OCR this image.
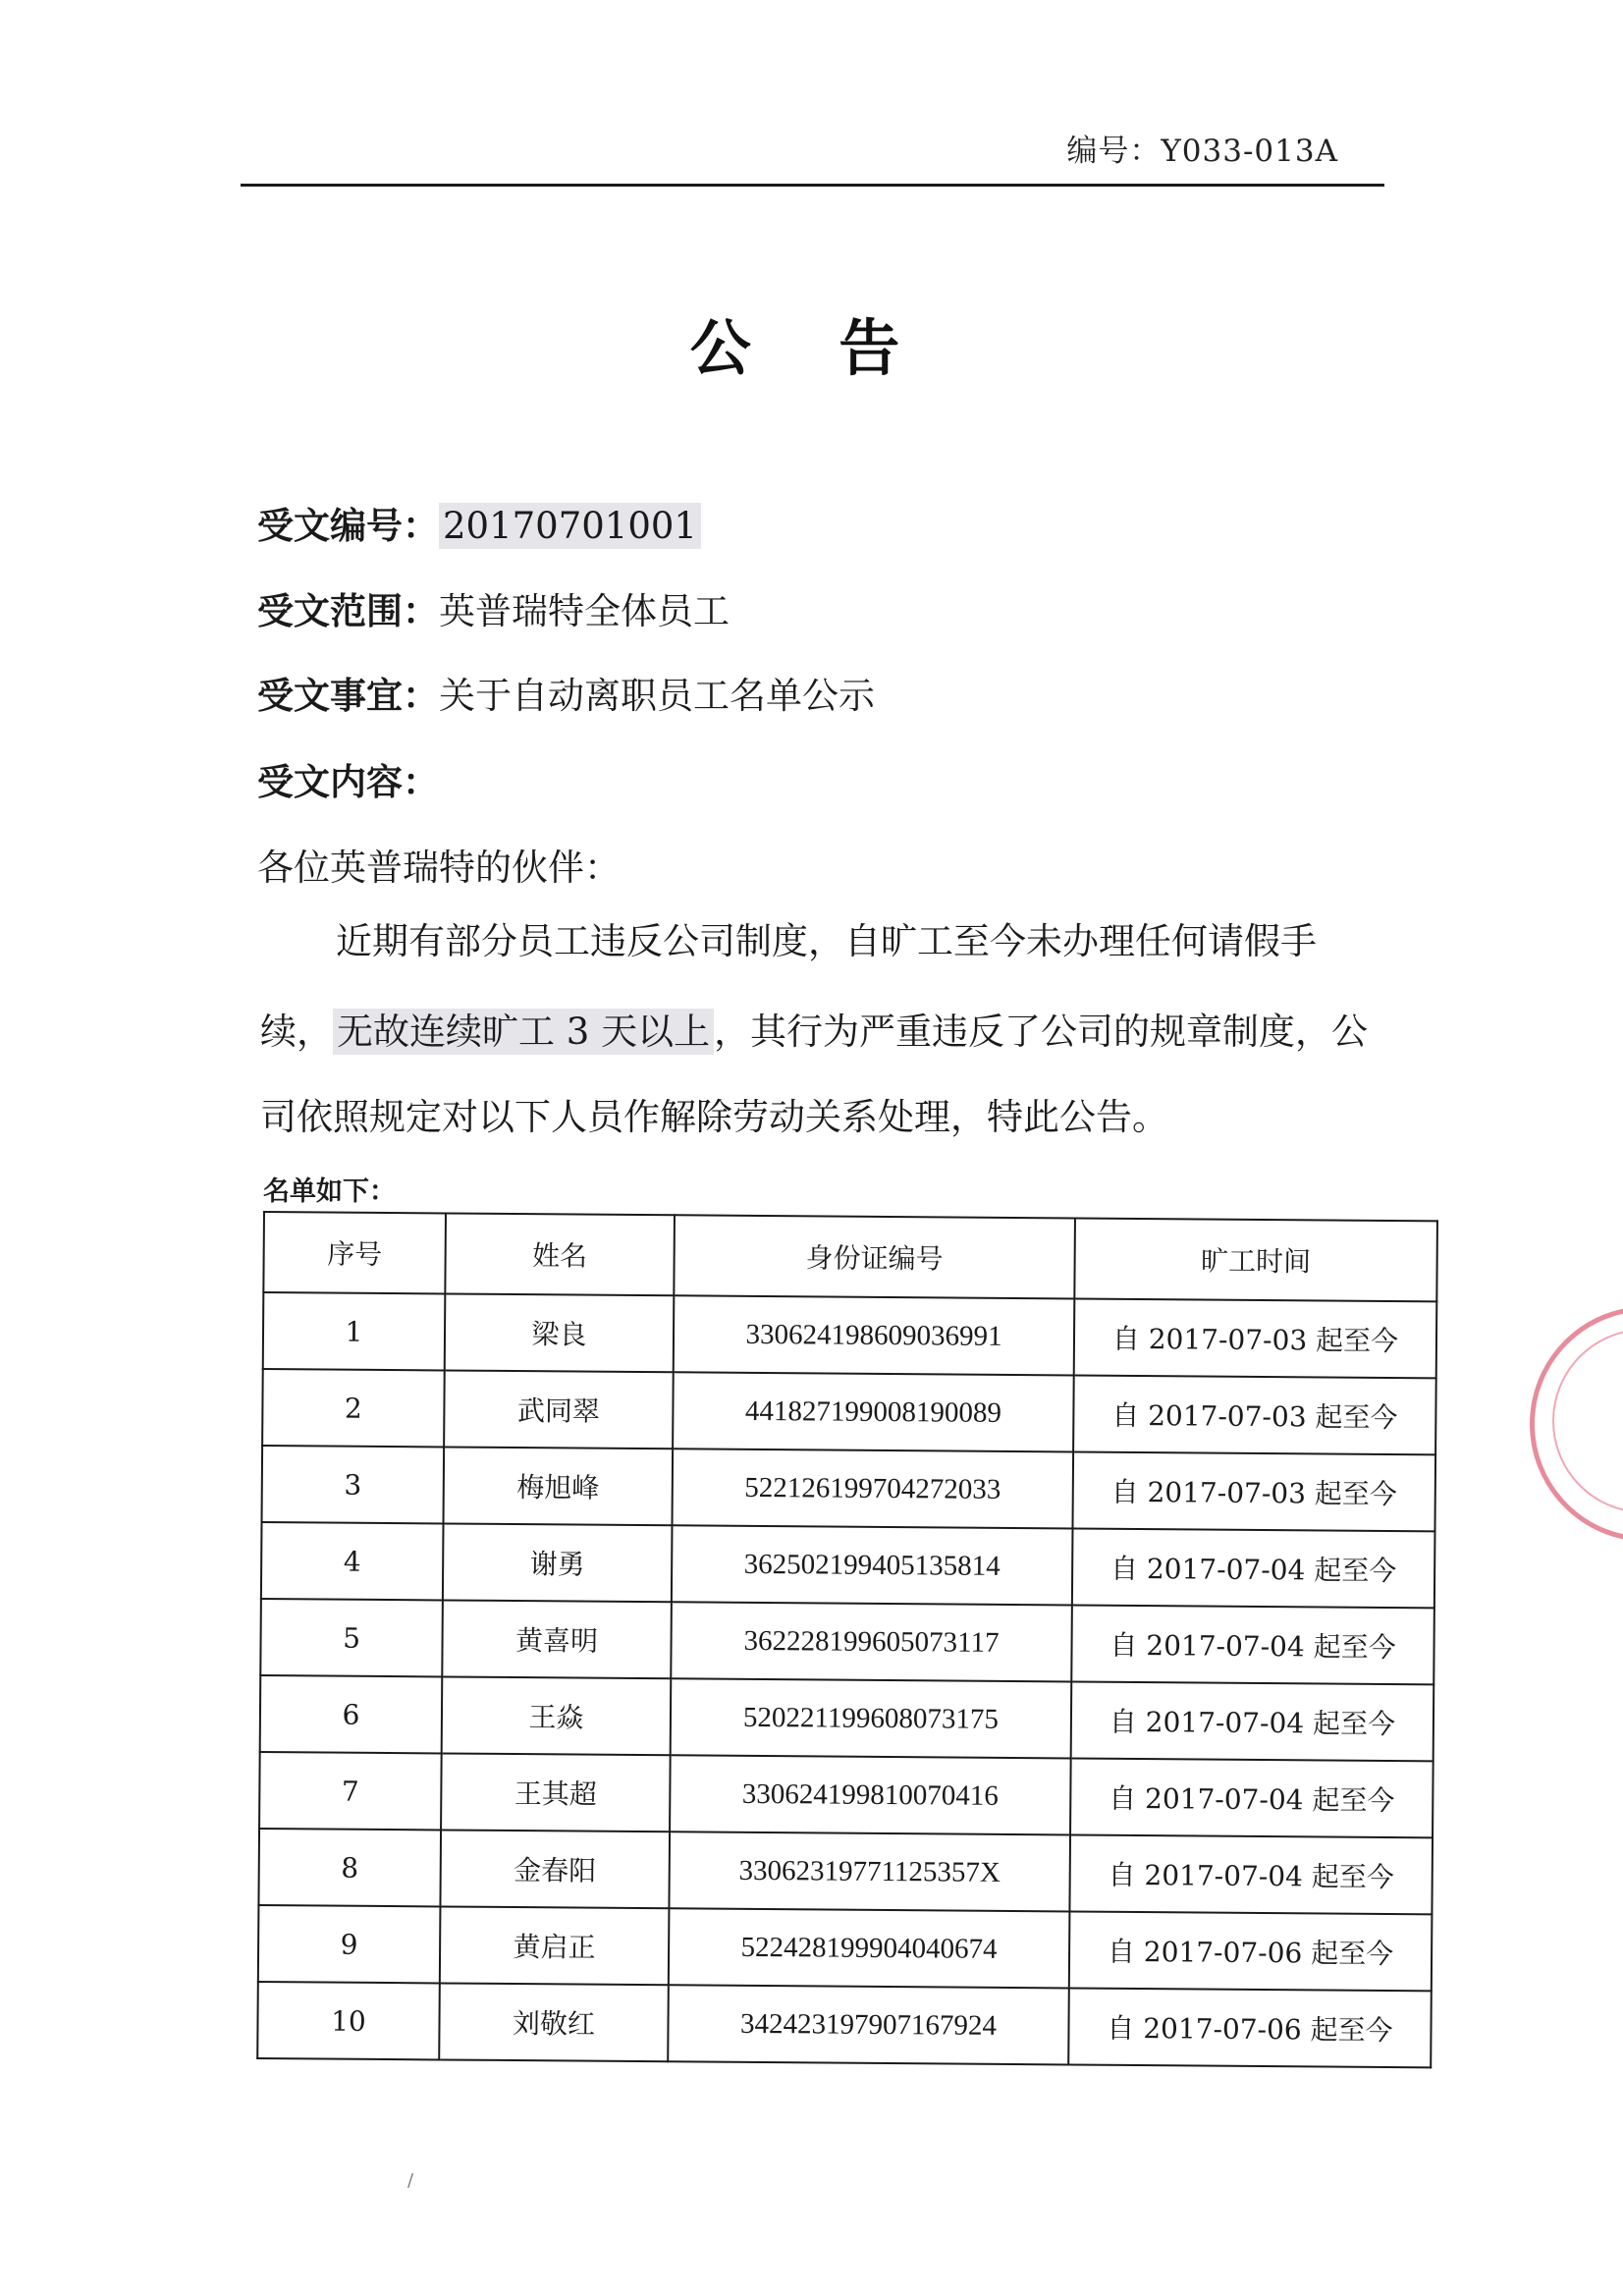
编号：Y033-013A
公 告
受文编号： 20170701001
受文范围：英普瑞特全体员工
受文事宜：关于自动离职员工名单公示
受文内容：
各位英普瑞特的伙伴：
近期有部分员工违反公司制度，自旷工至今未办理任何请假手
续， 无故连续旷工 3 天以上 ，其行为严重违反了公司的规章制度，公
司依照规定对以下人员作解除劳动关系处理，特此公告。
名单如下：
序号	姓名	身份证编号	旷工时间
1	梁良	330624198609036991	自 2017-07-03 起至今
2	武同翠	441827199008190089	自 2017-07-03 起至今
3	梅旭峰	522126199704272033	自 2017-07-03 起至今
4	谢勇	362502199405135814	自 2017-07-04 起至今
5	黄喜明	362228199605073117	自 2017-07-04 起至今
6	王焱	520221199608073175	自 2017-07-04 起至今
7	王其超	330624199810070416	自 2017-07-04 起至今
8	金春阳	33062319771125357X	自 2017-07-04 起至今
9	黄启正	522428199904040674	自 2017-07-06 起至今
10	刘敬红	342423197907167924	自 2017-07-06 起至今
/
